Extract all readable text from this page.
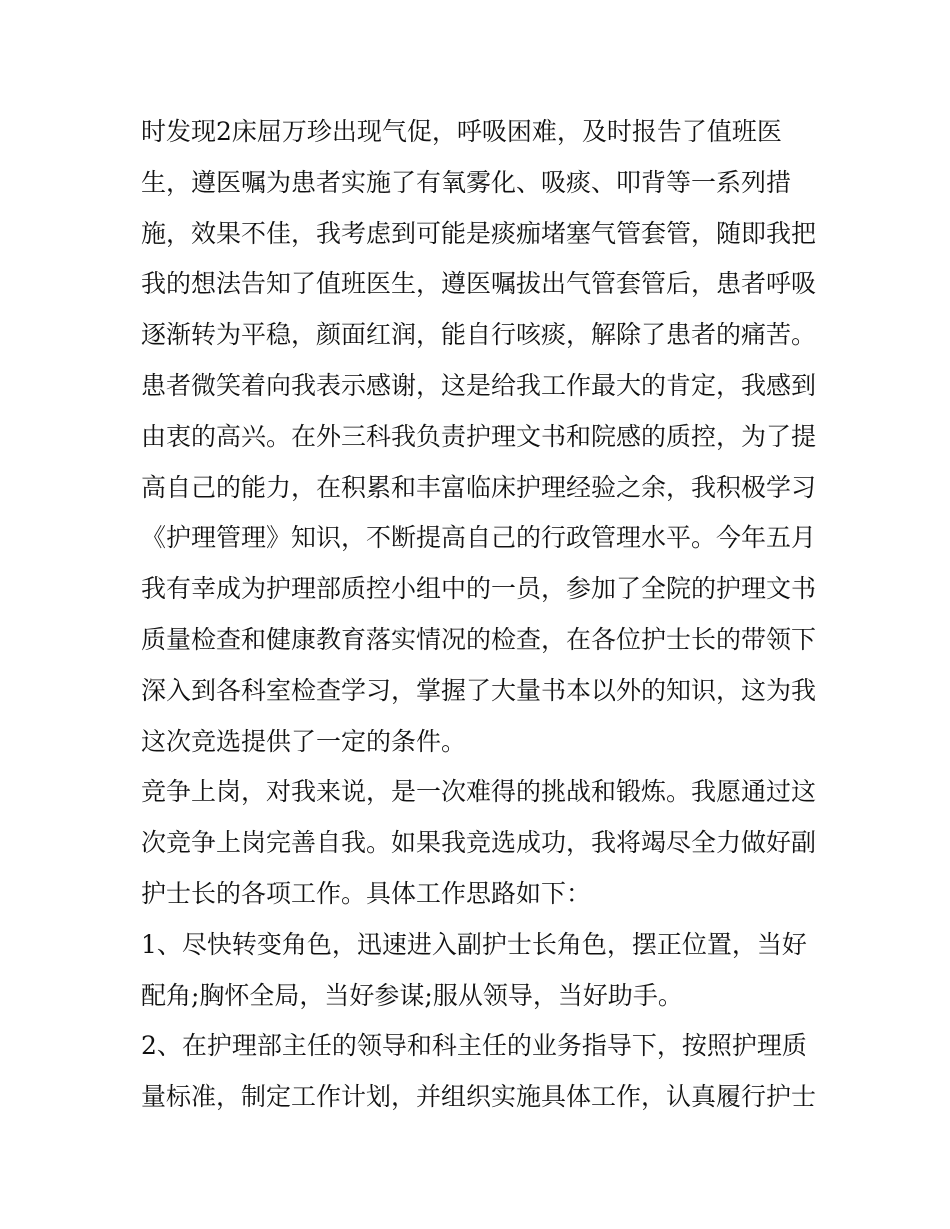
时发现2床屈万珍出现气促，呼吸困难，及时报告了值班医
生，遵医嘱为患者实施了有氧雾化、吸痰、叩背等一系列措
施，效果不佳，我考虑到可能是痰痂堵塞气管套管，随即我把
我的想法告知了值班医生，遵医嘱拔出气管套管后，患者呼吸
逐渐转为平稳，颜面红润，能自行咳痰，解除了患者的痛苦。
患者微笑着向我表示感谢，这是给我工作最大的肯定，我感到
由衷的高兴。在外三科我负责护理文书和院感的质控，为了提
高自己的能力，在积累和丰富临床护理经验之余，我积极学习
《护理管理》知识，不断提高自己的行政管理水平。今年五月
我有幸成为护理部质控小组中的一员，参加了全院的护理文书
质量检查和健康教育落实情况的检查，在各位护士长的带领下
深入到各科室检查学习，掌握了大量书本以外的知识，这为我
这次竞选提供了一定的条件。
竞争上岗，对我来说，是一次难得的挑战和锻炼。我愿通过这
次竞争上岗完善自我。如果我竞选成功，我将竭尽全力做好副
护士长的各项工作。具体工作思路如下：
1、尽快转变角色，迅速进入副护士长角色，摆正位置，当好
配角;胸怀全局，当好参谋;服从领导，当好助手。
2、在护理部主任的领导和科主任的业务指导下，按照护理质
量标准，制定工作计划，并组织实施具体工作，认真履行护士
